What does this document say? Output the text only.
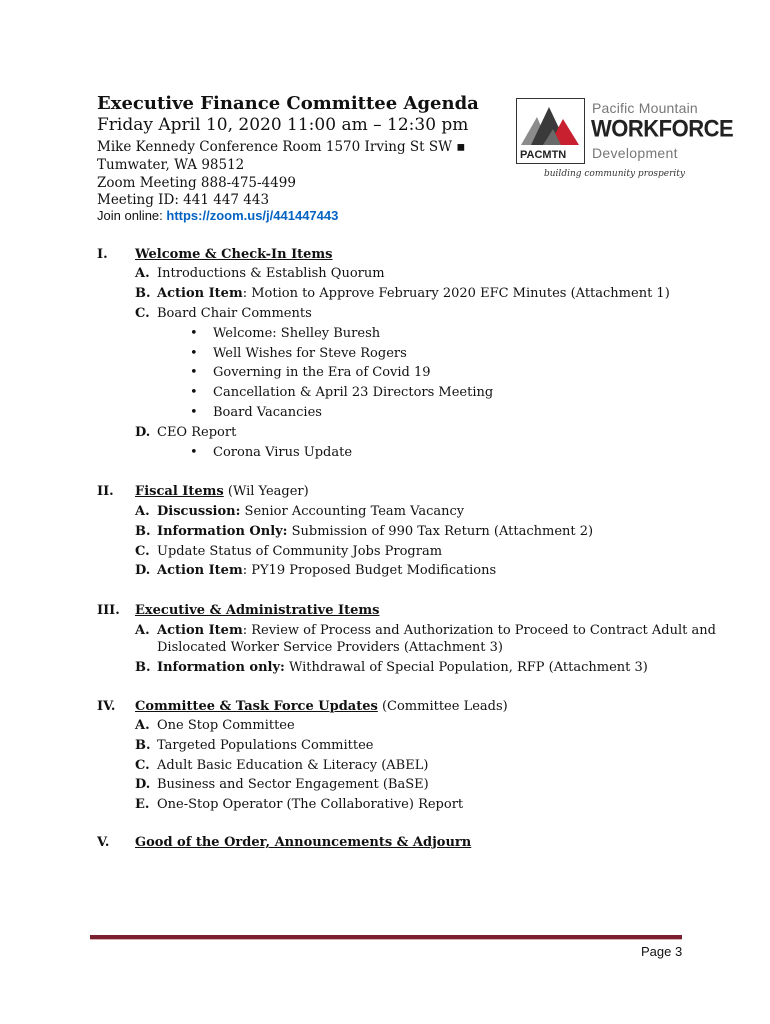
Executive Finance Committee Agenda
Friday April 10, 2020 11:00 am – 12:30 pm
Mike Kennedy Conference Room 1570 Irving St SW ▪
Tumwater, WA 98512
Zoom Meeting 888-475-4499
Meeting ID: 441 447 443
Join online: https://zoom.us/j/441447443
PACMTN
Pacific Mountain
WORKFORCE
Development
building community prosperity
I.	Welcome & Check-In Items
A. Introductions & Establish Quorum
B. Action Item: Motion to Approve February 2020 EFC Minutes (Attachment 1)
C. Board Chair Comments
• Welcome: Shelley Buresh
• Well Wishes for Steve Rogers
• Governing in the Era of Covid 19
• Cancellation & April 23 Directors Meeting
• Board Vacancies
D. CEO Report
• Corona Virus Update
II.	Fiscal Items (Wil Yeager)
A. Discussion: Senior Accounting Team Vacancy
B. Information Only: Submission of 990 Tax Return (Attachment 2)
C. Update Status of Community Jobs Program
D. Action Item: PY19 Proposed Budget Modifications
III.	Executive & Administrative Items
A. Action Item: Review of Process and Authorization to Proceed to Contract Adult and
Dislocated Worker Service Providers (Attachment 3)
B. Information only: Withdrawal of Special Population, RFP (Attachment 3)
IV.	Committee & Task Force Updates (Committee Leads)
A. One Stop Committee
B. Targeted Populations Committee
C. Adult Basic Education & Literacy (ABEL)
D. Business and Sector Engagement (BaSE)
E. One-Stop Operator (The Collaborative) Report
V.	Good of the Order, Announcements & Adjourn
Page 3
